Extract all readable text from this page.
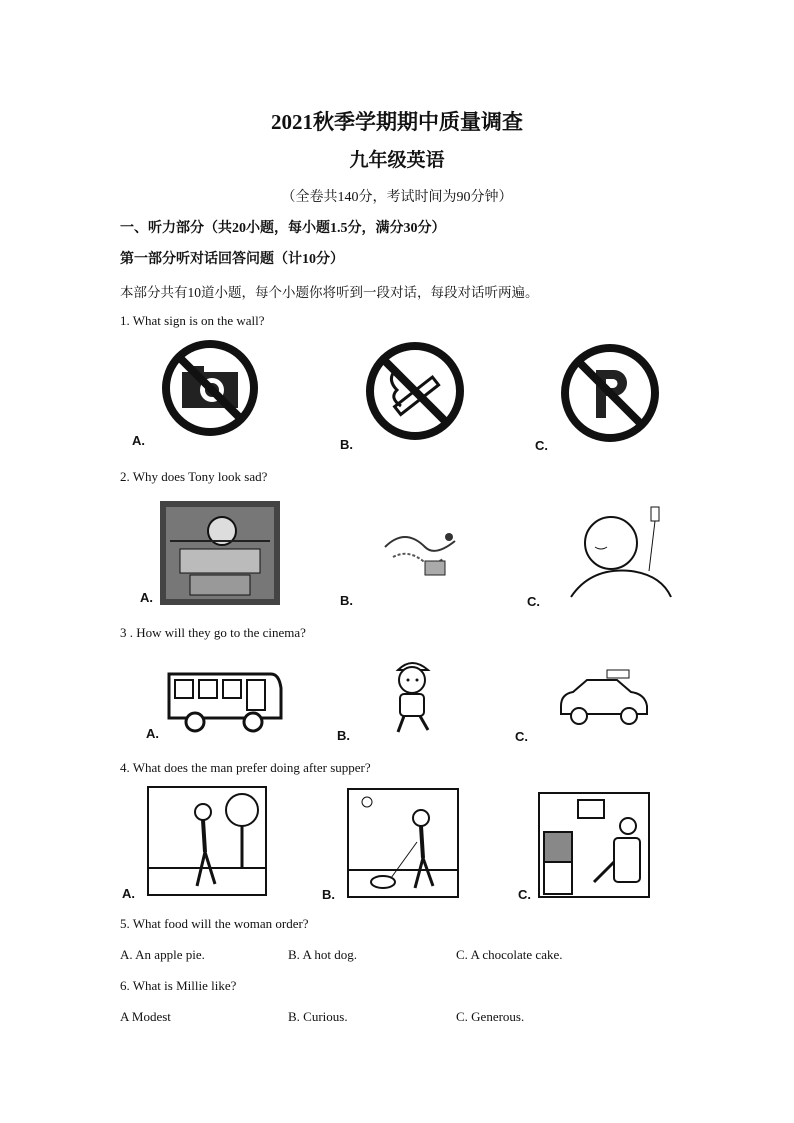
2021秋季学期期中质量调查
九年级英语
（全卷共140分，考试时间为90分钟）
一、听力部分（共20小题，每小题1.5分，满分30分）
第一部分听对话回答问题（计10分）
本部分共有10道小题，每个小题你将听到一段对话，每段对话听两遍。
1. What sign is on the wall?
A.	B.	C.
2. Why does Tony look sad?
A.	B.	C.
3 . How will they go to the cinema?
A.	B.	C.
4. What does the man prefer doing after supper?
A.	B.	C.
5. What food will the woman order?
A. An apple pie.	B. A hot dog.	C. A chocolate cake.
6. What is Millie like?
A Modest	B. Curious.	C. Generous.
